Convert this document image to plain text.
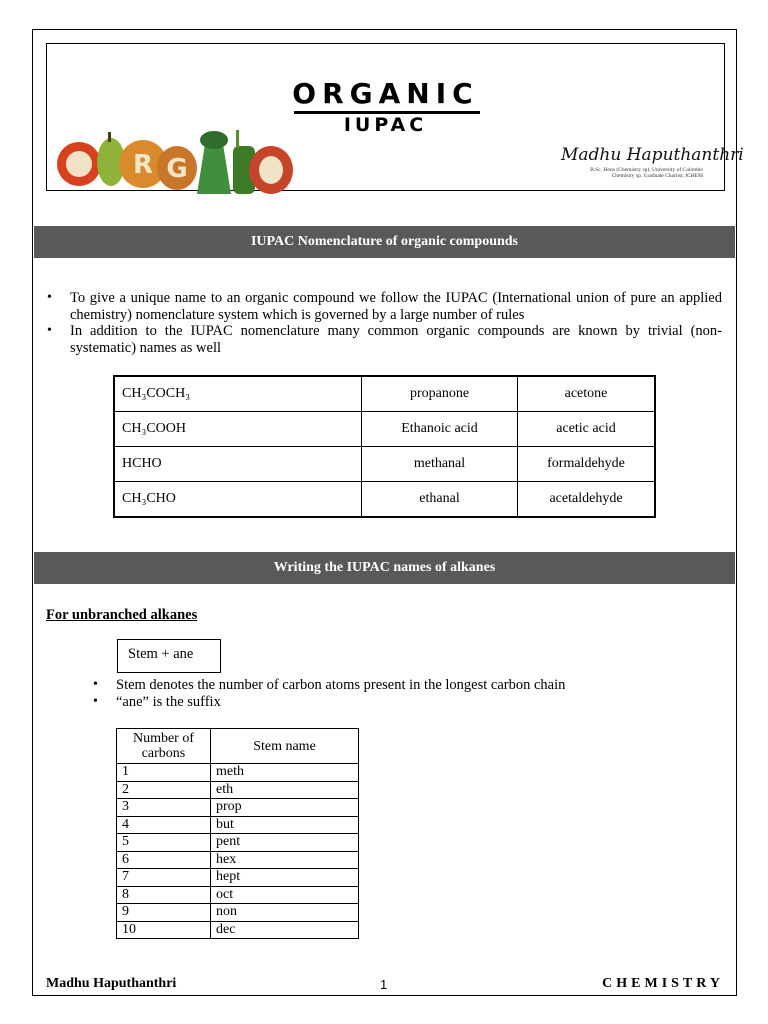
ORGANIC
IUPAC
R G	Madhu Haputhanthri
B.Sc. Hons (Chemistry sp), University of Colombo
Chemistry sp. Graduate Chartist, ICHEM
IUPAC Nomenclature of organic compounds
• To give a unique name to an organic compound we follow the IUPAC (International union of pure an applied chemistry) nomenclature system which is governed by a large number of rules
• In addition to the IUPAC nomenclature many common organic compounds are known by trivial (non-systematic) names as well
CH₃COCH₃	propanone	acetone
CH₃COOH	Ethanoic acid	acetic acid
HCHO	methanal	formaldehyde
CH₃CHO	ethanal	acetaldehyde
Writing the IUPAC names of alkanes
For unbranched alkanes
Stem + ane
• Stem denotes the number of carbon atoms present in the longest carbon chain
• “ane” is the suffix
Number of carbons	Stem name
1	meth
2	eth
3	prop
4	but
5	pent
6	hex
7	hept
8	oct
9	non
10	dec
Madhu Haputhanthri	1	CHEMISTRY
